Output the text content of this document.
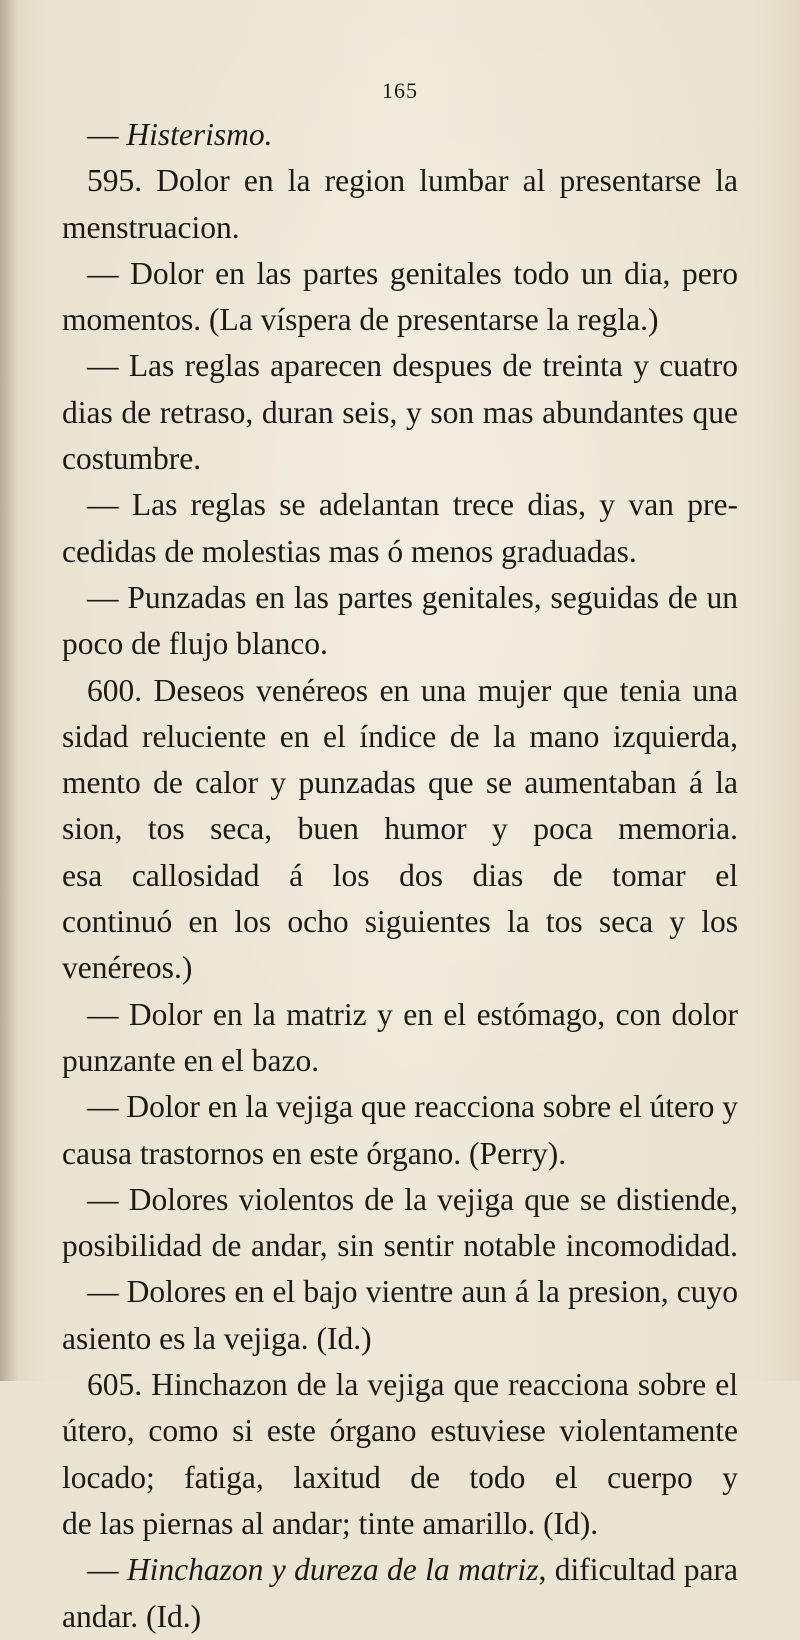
165
— Histerismo.
595. Dolor en la region lumbar al presentarse la
menstruacion.
— Dolor en las partes genitales todo un dia, pero
momentos. (La víspera de presentarse la regla.)
— Las reglas aparecen despues de treinta y cuatro
dias de retraso, duran seis, y son mas abundantes que
costumbre.
— Las reglas se adelantan trece dias, y van pre-
cedidas de molestias mas ó menos graduadas.
— Punzadas en las partes genitales, seguidas de un
poco de flujo blanco.
600. Deseos venéreos en una mujer que tenia una
sidad reluciente en el índice de la mano izquierda,
mento de calor y punzadas que se aumentaban á la
sion, tos seca, buen humor y poca memoria.
esa callosidad á los dos dias de tomar el
continuó en los ocho siguientes la tos seca y los
venéreos.)
— Dolor en la matriz y en el estómago, con dolor
punzante en el bazo.
— Dolor en la vejiga que reacciona sobre el útero y
causa trastornos en este órgano. (Perry).
— Dolores violentos de la vejiga que se distiende,
posibilidad de andar, sin sentir notable incomodidad.
— Dolores en el bajo vientre aun á la presion, cuyo
asiento es la vejiga. (Id.)
605. Hinchazon de la vejiga que reacciona sobre el
útero, como si este órgano estuviese violentamente
locado; fatiga, laxitud de todo el cuerpo y
de las piernas al andar; tinte amarillo. (Id).
— Hinchazon y dureza de la matriz, dificultad para
andar. (Id.)
